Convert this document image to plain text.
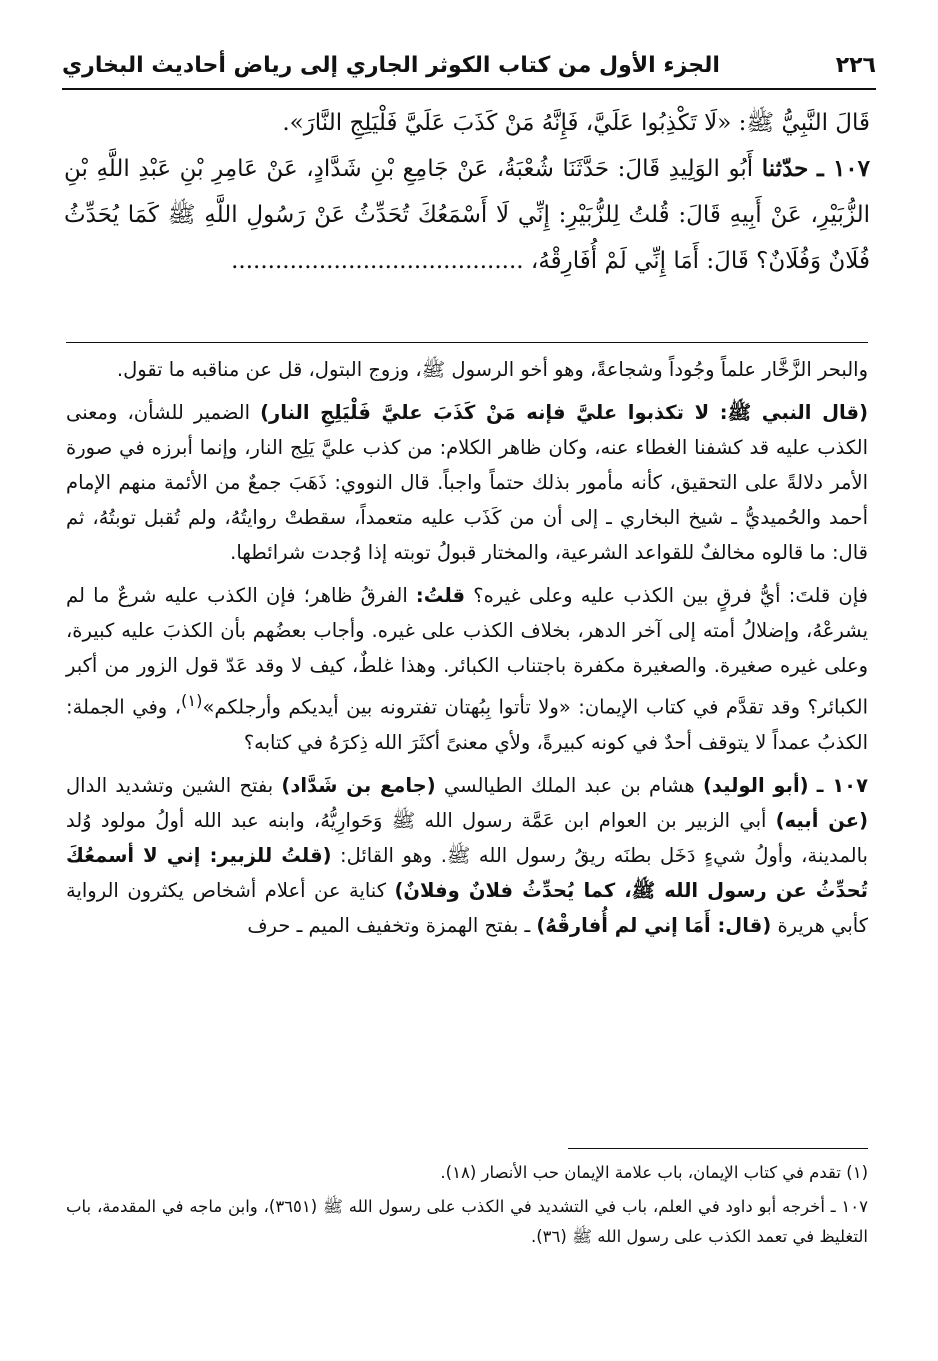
٢٢٦
الجزء الأول من كتاب الكوثر الجاري إلى رياض أحاديث البخاري

قَالَ النَّبِيُّ ﷺ: «لَا تَكْذِبُوا عَلَيَّ، فَإِنَّهُ مَنْ كَذَبَ عَلَيَّ فَلْيَلِجِ النَّارَ».

١٠٧ ـ حدّثنا أَبُو الوَلِيدِ قَالَ: حَدَّثَنَا شُعْبَةُ، عَنْ جَامِعِ بْنِ شَدَّادٍ، عَنْ عَامِرِ بْنِ عَبْدِ اللَّهِ بْنِ الزُّبَيْرِ، عَنْ أَبِيهِ قَالَ: قُلتُ لِلزُّبَيْرِ: إِنِّي لَا أَسْمَعُكَ تُحَدِّثُ عَنْ رَسُولِ اللَّهِ ﷺ كَمَا يُحَدِّثُ فُلَانٌ وَفُلَانٌ؟ قَالَ: أَمَا إِنِّي لَمْ أُفَارِقْهُ، ........................................

والبحر الزَّخَّار علماً وجُوداً وشجاعةً، وهو أخو الرسول ﷺ، وزوج البتول، قل عن مناقبه ما تقول.

(قال النبي ﷺ: لا تكذبوا عليَّ فإنه مَنْ كَذَبَ عليَّ فَلْيَلِجِ النار) الضمير للشأن، ومعنى الكذب عليه قد كشفنا الغطاء عنه، وكان ظاهر الكلام: من كذب عليَّ يَلِج النار، وإنما أبرزه في صورة الأمر دلالةً على التحقيق، كأنه مأمور بذلك حتماً واجباً. قال النووي: ذَهَبَ جمعٌ من الأئمة منهم الإمام أحمد والحُميديُّ ـ شيخ البخاري ـ إلى أن من كَذَب عليه متعمداً، سقطتْ روايتُهُ، ولم تُقبل توبتُهُ، ثم قال: ما قالوه مخالفٌ للقواعد الشرعية، والمختار قبولُ توبته إذا وُجدت شرائطها.

فإن قلتَ: أيُّ فرقٍ بين الكذب عليه وعلى غيره؟ قلتُ: الفرقُ ظاهر؛ فإن الكذب عليه شرعٌ ما لم يشرعْهُ، وإضلالُ أمته إلى آخر الدهر، بخلاف الكذب على غيره. وأجاب بعضُهم بأن الكذبَ عليه كبيرة، وعلى غيره صغيرة. والصغيرة مكفرة باجتناب الكبائر. وهذا غلطٌ، كيف لا وقد عَدّ قول الزور من أكبر الكبائر؟ وقد تقدَّم في كتاب الإيمان: «ولا تأتوا بِبُهتان تفترونه بين أيديكم وأرجلكم»$^{(١)}$، وفي الجملة: الكذبُ عمداً لا يتوقف أحدٌ في كونه كبيرةً، ولأي معنىً أكثَرَ الله ذِكرَهُ في كتابه؟

١٠٧ ـ (أبو الوليد) هشام بن عبد الملك الطيالسي (جامع بن شَدَّاد) بفتح الشين وتشديد الدال (عن أبيه) أبي الزبير بن العوام ابن عَمَّة رسول الله ﷺ وَحَوارِيُّهُ، وابنه عبد الله أولُ مولود وُلد بالمدينة، وأولُ شيءٍ دَخَل بطنَه ريقُ رسول الله ﷺ. وهو القائل: (قلتُ للزبير: إني لا أسمعُكَ تُحدِّثُ عن رسول الله ﷺ، كما يُحدِّثُ فلانٌ وفلانٌ) كناية عن أعلام أشخاص يكثرون الرواية كأبي هريرة (قال: أَمَا إني لم أُفارقْهُ) ـ بفتح الهمزة وتخفيف الميم ـ حرف

(١) تقدم في كتاب الإيمان، باب علامة الإيمان حب الأنصار (١٨).

١٠٧ ـ أخرجه أبو داود في العلم، باب في التشديد في الكذب على رسول الله ﷺ (٣٦٥١)، وابن ماجه في المقدمة، باب التغليظ في تعمد الكذب على رسول الله ﷺ (٣٦).
